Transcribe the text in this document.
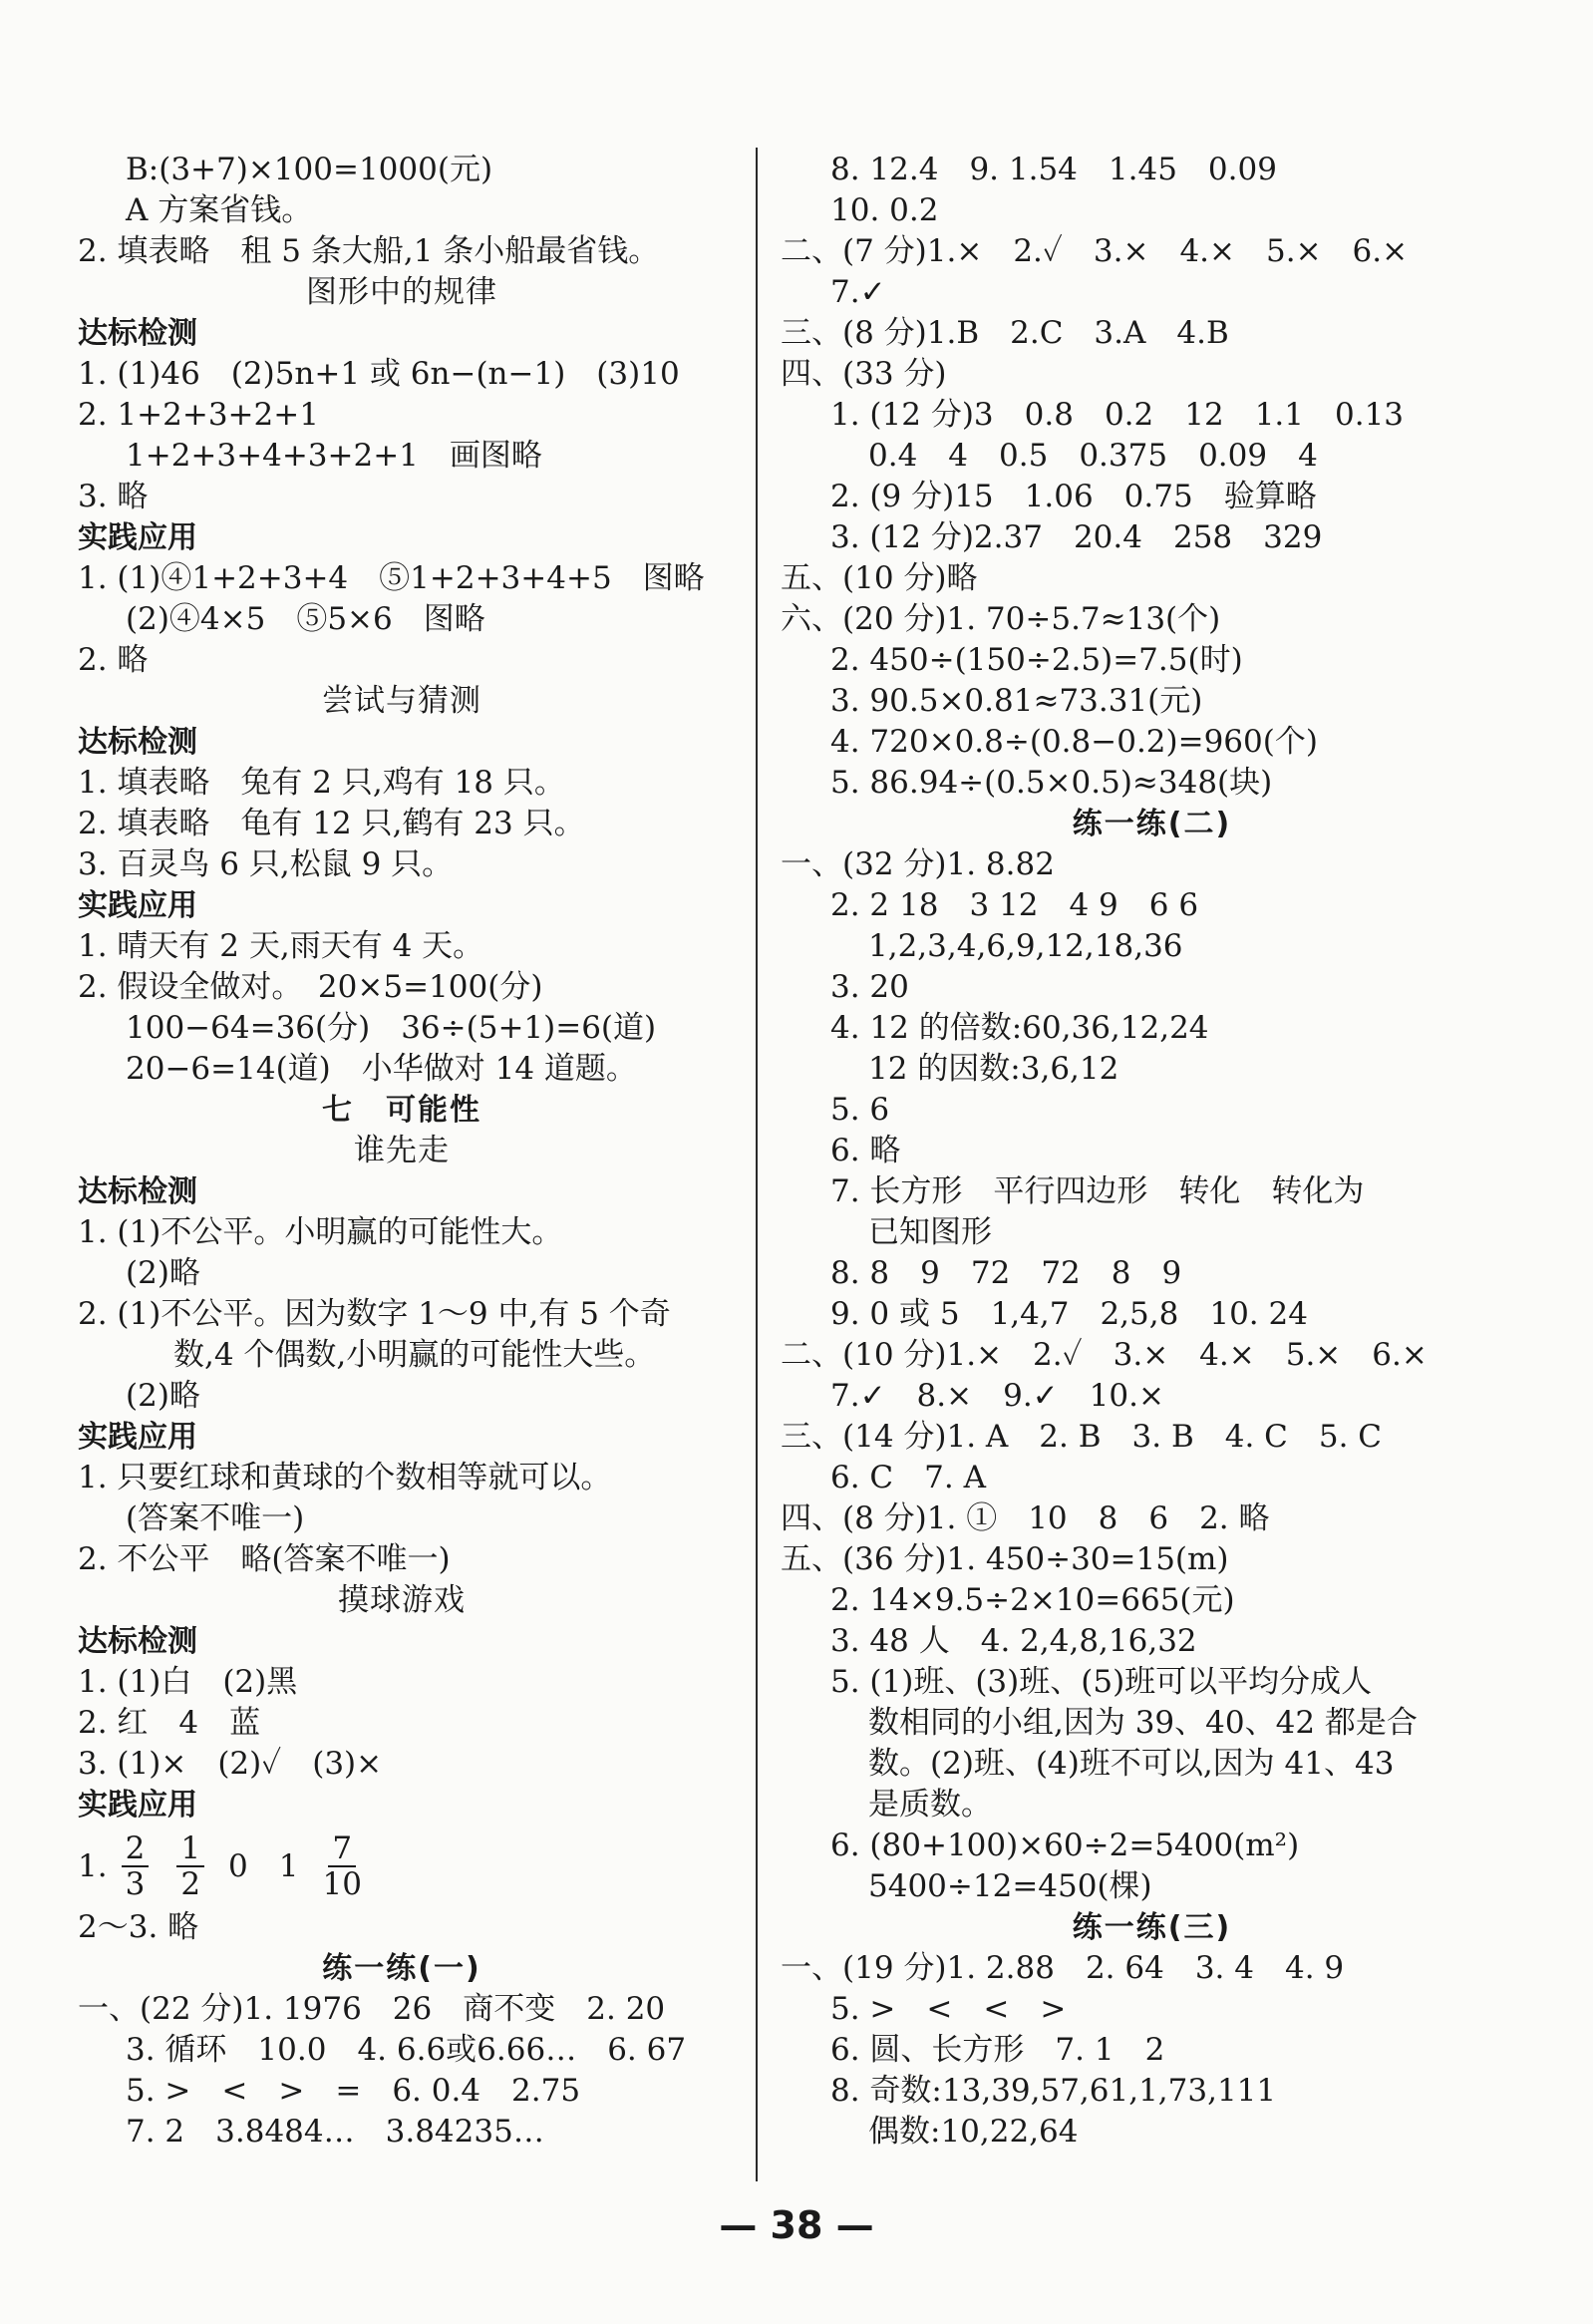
B:(3+7)×100=1000(元)
A 方案省钱。
2. 填表略　租 5 条大船,1 条小船最省钱。
图形中的规律
达标检测
1. (1)46　(2)5n+1 或 6n−(n−1)　(3)10
2. 1+2+3+2+1
1+2+3+4+3+2+1　画图略
3. 略
实践应用
1. (1)④1+2+3+4　⑤1+2+3+4+5　图略
(2)④4×5　⑤5×6　图略
2. 略
尝试与猜测
达标检测
1. 填表略　兔有 2 只,鸡有 18 只。
2. 填表略　龟有 12 只,鹤有 23 只。
3. 百灵鸟 6 只,松鼠 9 只。
实践应用
1. 晴天有 2 天,雨天有 4 天。
2. 假设全做对。　20×5=100(分)
100−64=36(分)　36÷(5+1)=6(道)
20−6=14(道)　小华做对 14 道题。
七　可能性
谁先走
达标检测
1. (1)不公平。小明赢的可能性大。
(2)略
2. (1)不公平。因为数字 1～9 中,有 5 个奇
数,4 个偶数,小明赢的可能性大些。
(2)略
实践应用
1. 只要红球和黄球的个数相等就可以。
(答案不唯一)
2. 不公平　略(答案不唯一)
摸球游戏
达标检测
1. (1)白　(2)黑
2. 红　4　蓝
3. (1)×　(2)✓　(3)×
实践应用
1. $\frac{2}{3} \frac{1}{2} 0$　$1 \frac{7}{10}$
2～3. 略
练一练(一)
一、(22 分)1. 1976　26　商不变　2. 20
3. 循环　10.0　4. 6.6或6.66…　6. 67
5. >　<　>　=　6. 0.4　2.75
7. 2　3.8484…　3.84235…
8. 12.4　9. 1.54　1.45　0.09
10. 0.2
二、(7 分)1.×　2.✓　3.×　4.×　5.×　6.×
7.✓
三、(8 分)1.B　2.C　3.A　4.B
四、(33 分)
1. (12 分)3　0.8　0.2　12　1.1　0.13
0.4　4　0.5　0.375　0.09　4
2. (9 分)15　1.06　0.75　验算略
3. (12 分)2.37　20.4　258　329
五、(10 分)略
六、(20 分)1. 70÷5.7≈13(个)
2. 450÷(150÷2.5)=7.5(时)
3. 90.5×0.81≈73.31(元)
4. 720×0.8÷(0.8−0.2)=960(个)
5. 86.94÷(0.5×0.5)≈348(块)
练一练(二)
一、(32 分)1. 8.82
2. 2 18　3 12　4 9　6 6
1,2,3,4,6,9,12,18,36
3. 20
4. 12 的倍数:60,36,12,24
12 的因数:3,6,12
5. 6
6. 略
7. 长方形　平行四边形　转化　转化为
已知图形
8. 8　9　72　72　8　9
9. 0 或 5　1,4,7　2,5,8　10. 24
二、(10 分)1.×　2.✓　3.×　4.×　5.×　6.×
7.✓　8.×　9.✓　10.×
三、(14 分)1. A　2. B　3. B　4. C　5. C
6. C　7. A
四、(8 分)1. ①　10　8　6　2. 略
五、(36 分)1. 450÷30=15(m)
2. 14×9.5÷2×10=665(元)
3. 48 人　4. 2,4,8,16,32
5. (1)班、(3)班、(5)班可以平均分成人
数相同的小组,因为 39、40、42 都是合
数。(2)班、(4)班不可以,因为 41、43
是质数。
6. (80+100)×60÷2=5400(m²)
5400÷12=450(棵)
练一练(三)
一、(19 分)1. 2.88　2. 64　3. 4　4. 9
5. >　<　<　>
6. 圆、长方形　7. 1　2
8. 奇数:13,39,57,61,1,73,111
偶数:10,22,64
— 38 —
